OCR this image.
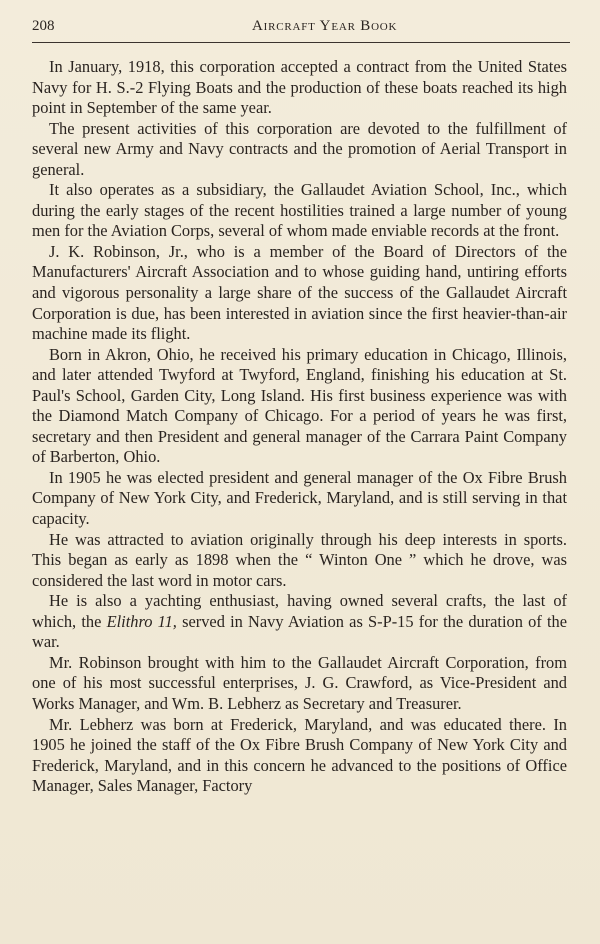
208	Aircraft Year Book

In January, 1918, this corporation accepted a contract from the United States Navy for H. S.-2 Flying Boats and the production of these boats reached its high point in September of the same year.

The present activities of this corporation are devoted to the fulfillment of several new Army and Navy contracts and the promotion of Aerial Transport in general.

It also operates as a subsidiary, the Gallaudet Aviation School, Inc., which during the early stages of the recent hostilities trained a large number of young men for the Aviation Corps, several of whom made enviable records at the front.

J. K. Robinson, Jr., who is a member of the Board of Directors of the Manufacturers' Aircraft Association and to whose guiding hand, untiring efforts and vigorous personality a large share of the success of the Gallaudet Aircraft Corporation is due, has been interested in aviation since the first heavier-than-air machine made its flight.

Born in Akron, Ohio, he received his primary education in Chicago, Illinois, and later attended Twyford at Twyford, England, finishing his education at St. Paul's School, Garden City, Long Island. His first business experience was with the Diamond Match Company of Chicago. For a period of years he was first, secretary and then President and general manager of the Carrara Paint Company of Barberton, Ohio.

In 1905 he was elected president and general manager of the Ox Fibre Brush Company of New York City, and Frederick, Maryland, and is still serving in that capacity.

He was attracted to aviation originally through his deep interests in sports. This began as early as 1898 when the “ Winton One ” which he drove, was considered the last word in motor cars.

He is also a yachting enthusiast, having owned several crafts, the last of which, the Elithro 11, served in Navy Aviation as S-P-15 for the duration of the war.

Mr. Robinson brought with him to the Gallaudet Aircraft Corporation, from one of his most successful enterprises, J. G. Crawford, as Vice-President and Works Manager, and Wm. B. Lebherz as Secretary and Treasurer.

Mr. Lebherz was born at Frederick, Maryland, and was educated there. In 1905 he joined the staff of the Ox Fibre Brush Company of New York City and Frederick, Maryland, and in this concern he advanced to the positions of Office Manager, Sales Manager, Factory
